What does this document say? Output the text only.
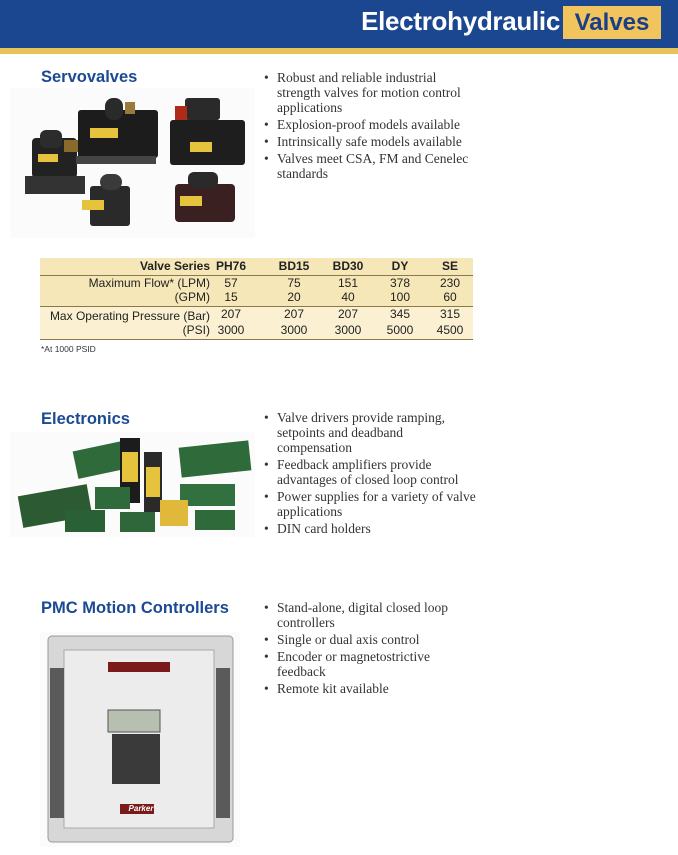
Electrohydraulic Valves
Servovalves	• Robust and reliable industrial strength valves for motion control applications
• Explosion-proof models available
• Intrinsically safe models available
• Valves meet CSA, FM and Cenelec standards
Valve Series PH76	BD15	BD30	DY	SE
Maximum Flow* (LPM)	57	75	151	378	230
(GPM)	15	20	40	100	60
Max Operating Pressure (Bar) 207	207	207	345	315
(PSI) 3000	3000	3000	5000	4500
*At 1000 PSID
Electronics	• Valve drivers provide ramping, setpoints and deadband compensation
• Feedback amplifiers provide advantages of closed loop control
• Power supplies for a variety of valve applications
• DIN card holders
PMC Motion Controllers
Parker
• Stand-alone, digital closed loop controllers
• Single or dual axis control
• Encoder or magnetostrictive feedback
• Remote kit available
